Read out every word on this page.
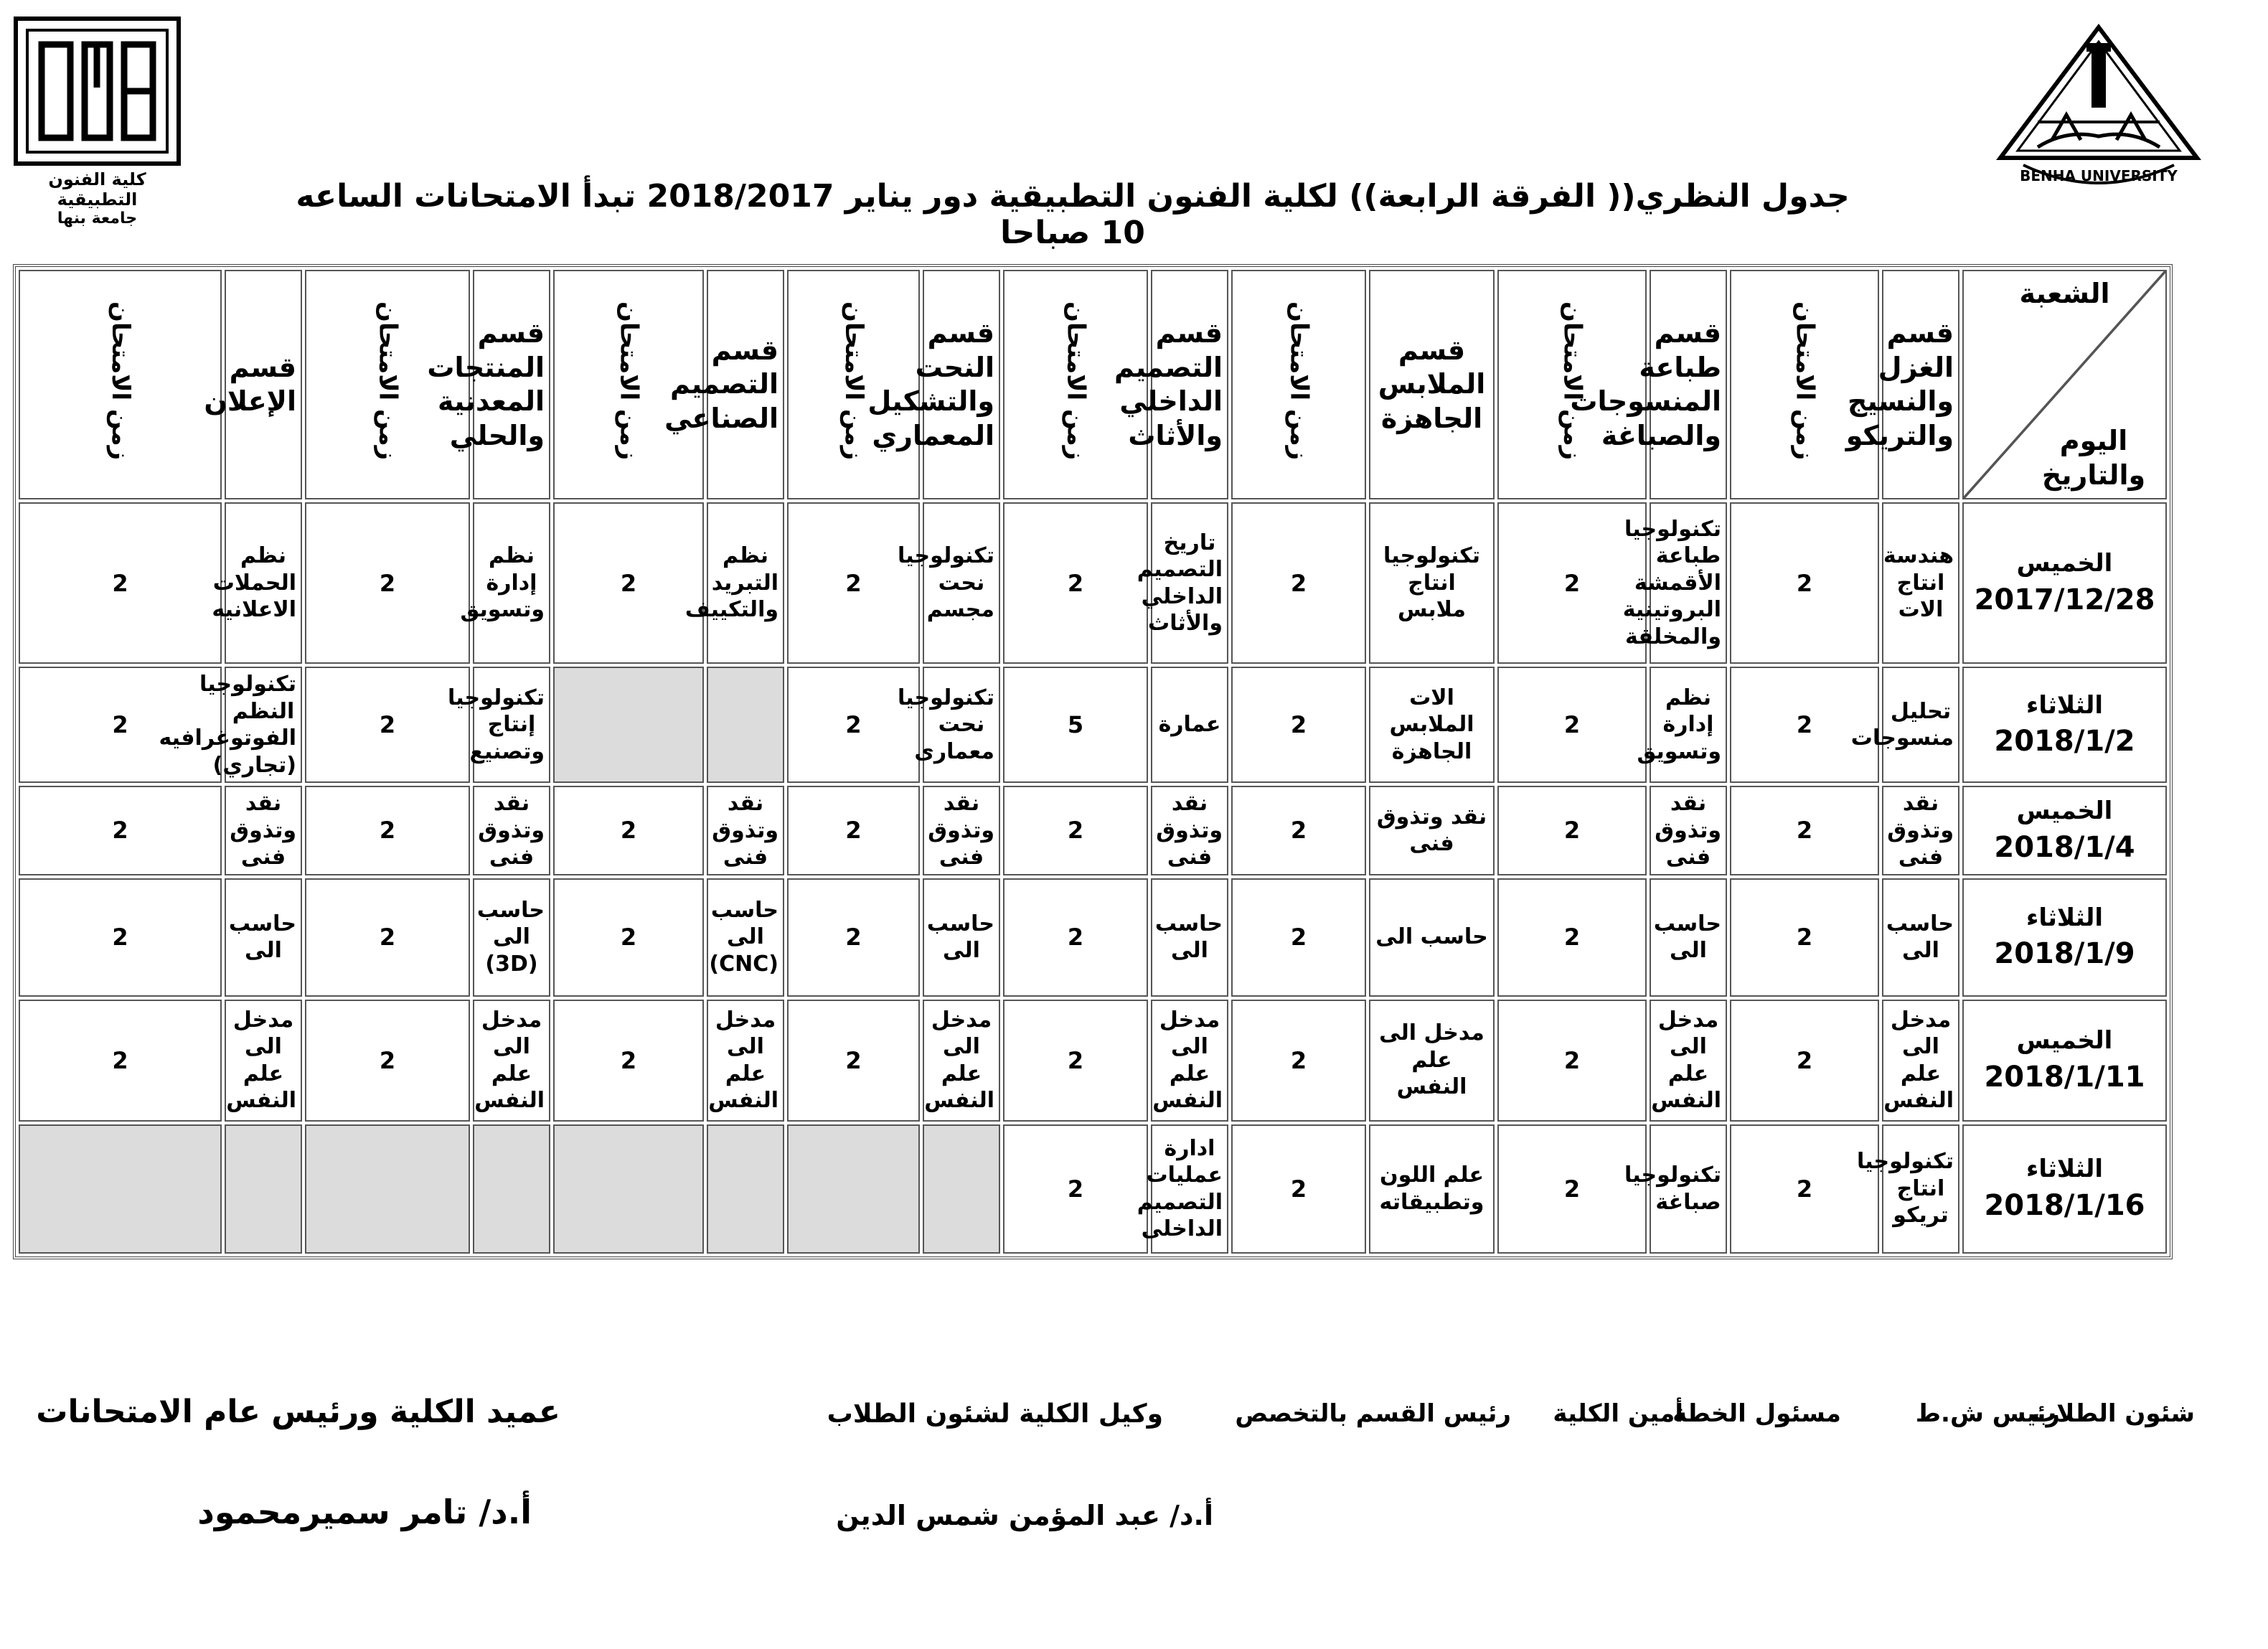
كلية الفنون التطبيقية
جامعة بنها
BENHA UNIVERSITY
جدول النظري(( الفرقة الرابعة)) لكلية الفنون التطبيقية دور يناير 2018/2017 تبدأ الامتحانات الساعه 10 صباحا
الشعبة
اليوم والتاريخ	قسم الغزل والنسيج والتريكو	زمن الامتحان	قسم طباعة المنسوجات والصباغة	زمن الامتحان	قسم الملابس الجاهزة	زمن الامتحان	قسم التصميم الداخلي والأثاث	زمن الامتحان	قسم النحت والتشكيل المعماري	زمن الامتحان	قسم التصميم الصناعي	زمن الامتحان	قسم المنتجات المعدنية والحلي	زمن الامتحان	قسم الإعلان	زمن الامتحان
الخميس
2017/12/28	هندسة انتاج الات	2	تكنولوجيا طباعة الأقمشة البروتينية والمخلقة	2	تكنولوجيا انتاج ملابس	2	تاريخ التصميم الداخلي والأثاث	2	تكنولوجيا نحت مجسم	2	نظم التبريد والتكييف	2	نظم إدارة وتسويق	2	نظم الحملات الاعلانيه	2
الثلاثاء
2018/1/2	تحليل منسوجات	2	نظم إدارة وتسويق	2	الات الملابس الجاهزة	2	عمارة	5	تكنولوجيا نحت معمارى	2			تكنولوجيا إنتاج وتصنيع	2	تكنولوجيا النظم الفوتوغرافيه (تجاري)	2
الخميس
2018/1/4	نقد وتذوق فنى	2	نقد وتذوق فنى	2	نقد وتذوق فنى	2	نقد وتذوق فنى	2	نقد وتذوق فنى	2	نقد وتذوق فنى	2	نقد وتذوق فنى	2	نقد وتذوق فنى	2
الثلاثاء
2018/1/9	حاسب الى	2	حاسب الى	2	حاسب الى	2	حاسب الى	2	حاسب الى	2	حاسب الى (CNC)	2	حاسب الى (3D)	2	حاسب الى	2
الخميس
2018/1/11	مدخل الى علم النفس	2	مدخل الى علم النفس	2	مدخل الى علم النفس	2	مدخل الى علم النفس	2	مدخل الى علم النفس	2	مدخل الى علم النفس	2	مدخل الى علم النفس	2	مدخل الى علم النفس	2
الثلاثاء
2018/1/16	تكنولوجيا انتاج تريكو	2	تكنولوجيا صباغة	2	علم اللون وتطبيقاته	2	ادارة عمليات التصميم الداخلى	2								
شئون الطلاب
رئيس ش.ط
مسئول الخطة
أمين الكلية
رئيس القسم بالتخصص
وكيل الكلية لشئون الطلاب
عميد الكلية ورئيس عام الامتحانات
أ.د/ عبد المؤمن شمس الدين
أ.د/ تامر سميرمحمود
